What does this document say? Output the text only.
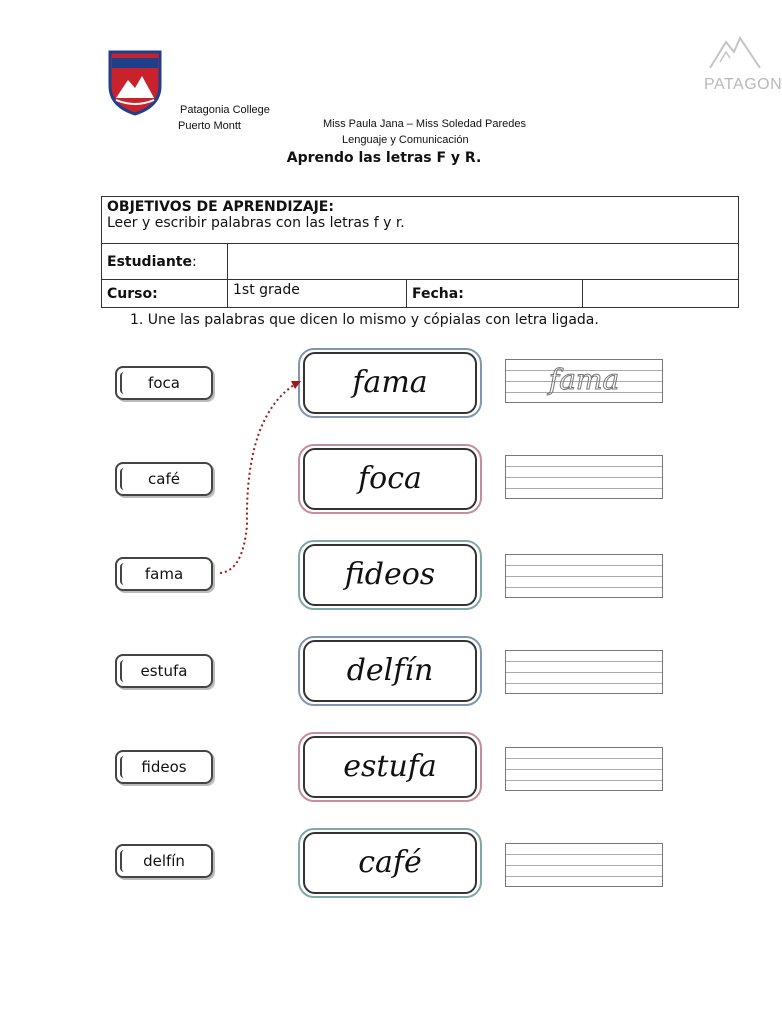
PATAGON
Patagonia College
Puerto Montt	Miss Paula Jana – Miss Soledad Paredes
Lenguaje y Comunicación
Aprendo las letras F y R.
OBJETIVOS DE APRENDIZAJE:
Leer y escribir palabras con las letras f y r.			

Estudiante:			
Curso:	1st grade	Fecha:	
1. Une las palabras que dicen lo mismo y cópialas con letra ligada.
foca
café
fama
estufa
fideos
delfín
fama
foca
fideos
delfín
estufa
café
fama
